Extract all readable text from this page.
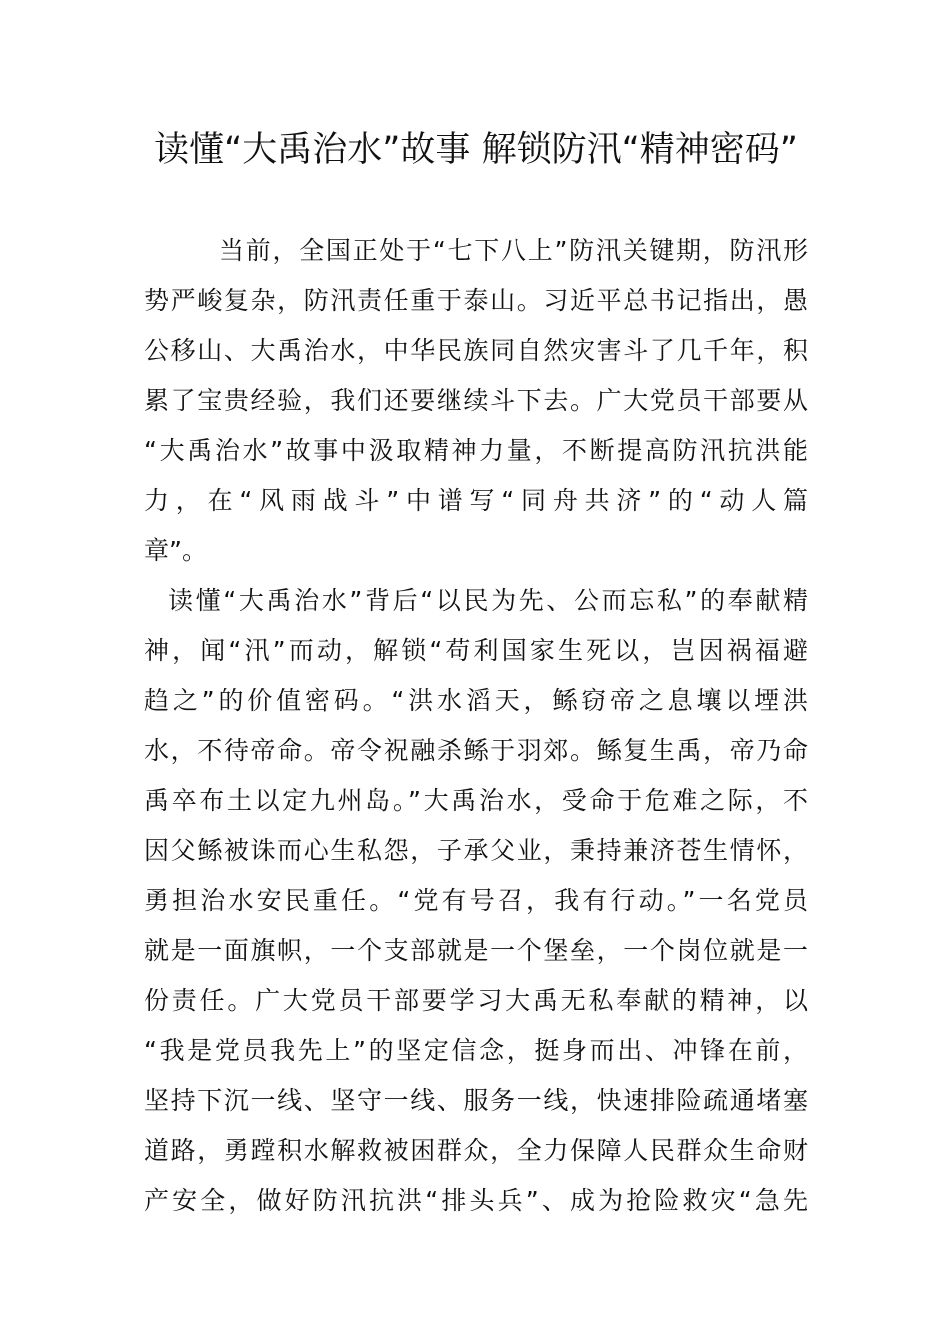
读懂“大禹治水”故事 解锁防汛“精神密码”
当前，全国正处于“七下八上”防汛关键期，防汛形
势严峻复杂，防汛责任重于泰山。习近平总书记指出，愚
公移山、大禹治水，中华民族同自然灾害斗了几千年，积
累了宝贵经验，我们还要继续斗下去。广大党员干部要从
“大禹治水”故事中汲取精神力量，不断提高防汛抗洪能
力，在“风雨战斗”中谱写“同舟共济”的“动人篇
章”。
读懂“大禹治水”背后“以民为先、公而忘私”的奉献精
神，闻“汛”而动，解锁“苟利国家生死以，岂因祸福避
趋之”的价值密码。“洪水滔天，鲧窃帝之息壤以堙洪
水，不待帝命。帝令祝融杀鲧于羽郊。鲧复生禹，帝乃命
禹卒布土以定九州岛。”大禹治水，受命于危难之际，不
因父鲧被诛而心生私怨，子承父业，秉持兼济苍生情怀，
勇担治水安民重任。“党有号召，我有行动。”一名党员
就是一面旗帜，一个支部就是一个堡垒，一个岗位就是一
份责任。广大党员干部要学习大禹无私奉献的精神，以
“我是党员我先上”的坚定信念，挺身而出、冲锋在前，
坚持下沉一线、坚守一线、服务一线，快速排险疏通堵塞
道路，勇蹚积水解救被困群众，全力保障人民群众生命财
产安全，做好防汛抗洪“排头兵”、成为抢险救灾“急先
